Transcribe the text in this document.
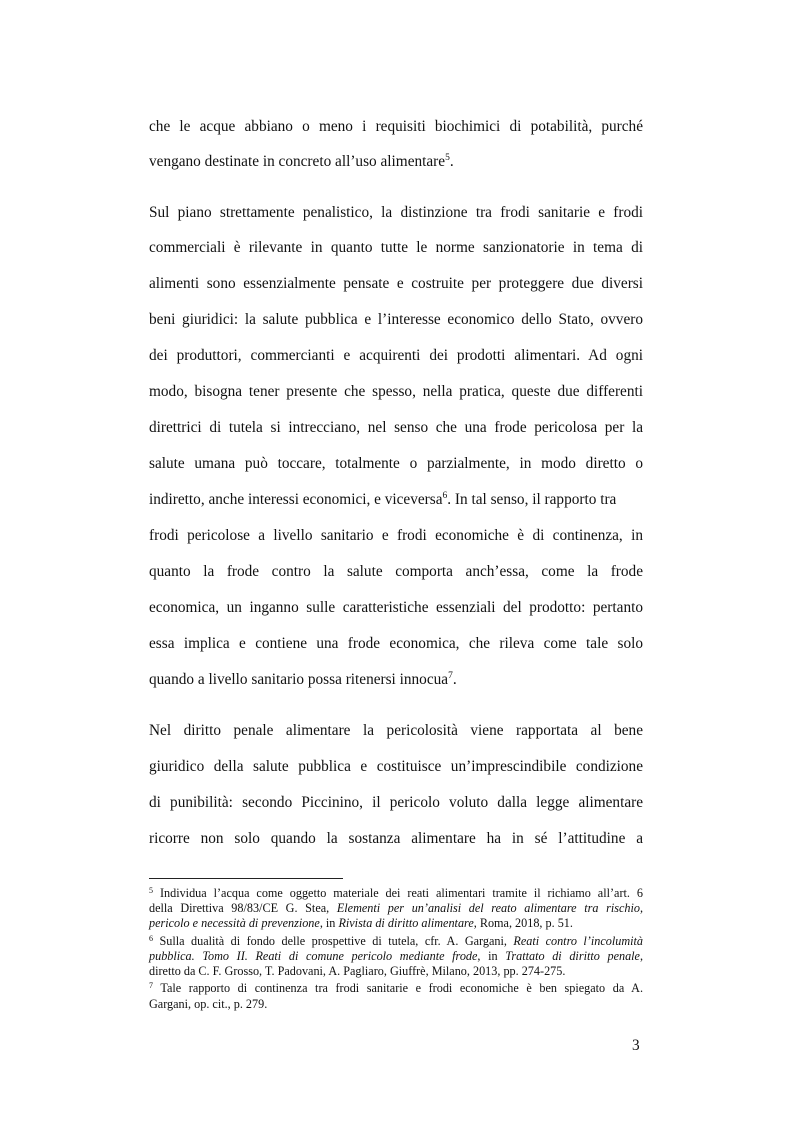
che le acque abbiano o meno i requisiti biochimici di potabilità, purché
vengano destinate in concreto all’uso alimentare$^5$.
Sul piano strettamente penalistico, la distinzione tra frodi sanitarie e frodi
commerciali è rilevante in quanto tutte le norme sanzionatorie in tema di
alimenti sono essenzialmente pensate e costruite per proteggere due diversi
beni giuridici: la salute pubblica e l’interesse economico dello Stato, ovvero
dei produttori, commercianti e acquirenti dei prodotti alimentari. Ad ogni
modo, bisogna tener presente che spesso, nella pratica, queste due differenti
direttrici di tutela si intrecciano, nel senso che una frode pericolosa per la
salute umana può toccare, totalmente o parzialmente, in modo diretto o
indiretto, anche interessi economici, e viceversa$^6$. In tal senso, il rapporto tra
frodi pericolose a livello sanitario e frodi economiche è di continenza, in
quanto la frode contro la salute comporta anch’essa, come la frode
economica, un inganno sulle caratteristiche essenziali del prodotto: pertanto
essa implica e contiene una frode economica, che rileva come tale solo
quando a livello sanitario possa ritenersi innocua$^7$.
Nel diritto penale alimentare la pericolosità viene rapportata al bene
giuridico della salute pubblica e costituisce un’imprescindibile condizione
di punibilità: secondo Piccinino, il pericolo voluto dalla legge alimentare
ricorre non solo quando la sostanza alimentare ha in sé l’attitudine a
$^5$ Individua l’acqua come oggetto materiale dei reati alimentari tramite il richiamo all’art. 6
della Direttiva 98/83/CE G. Stea, Elementi per un’analisi del reato alimentare tra rischio,
pericolo e necessità di prevenzione, in Rivista di diritto alimentare, Roma, 2018, p. 51.
$^6$ Sulla dualità di fondo delle prospettive di tutela, cfr. A. Gargani, Reati contro l’incolumità
pubblica. Tomo II. Reati di comune pericolo mediante frode, in Trattato di diritto penale,
diretto da C. F. Grosso, T. Padovani, A. Pagliaro, Giuffrè, Milano, 2013, pp. 274-275.
$^7$ Tale rapporto di continenza tra frodi sanitarie e frodi economiche è ben spiegato da A.
Gargani, op. cit., p. 279.
3
